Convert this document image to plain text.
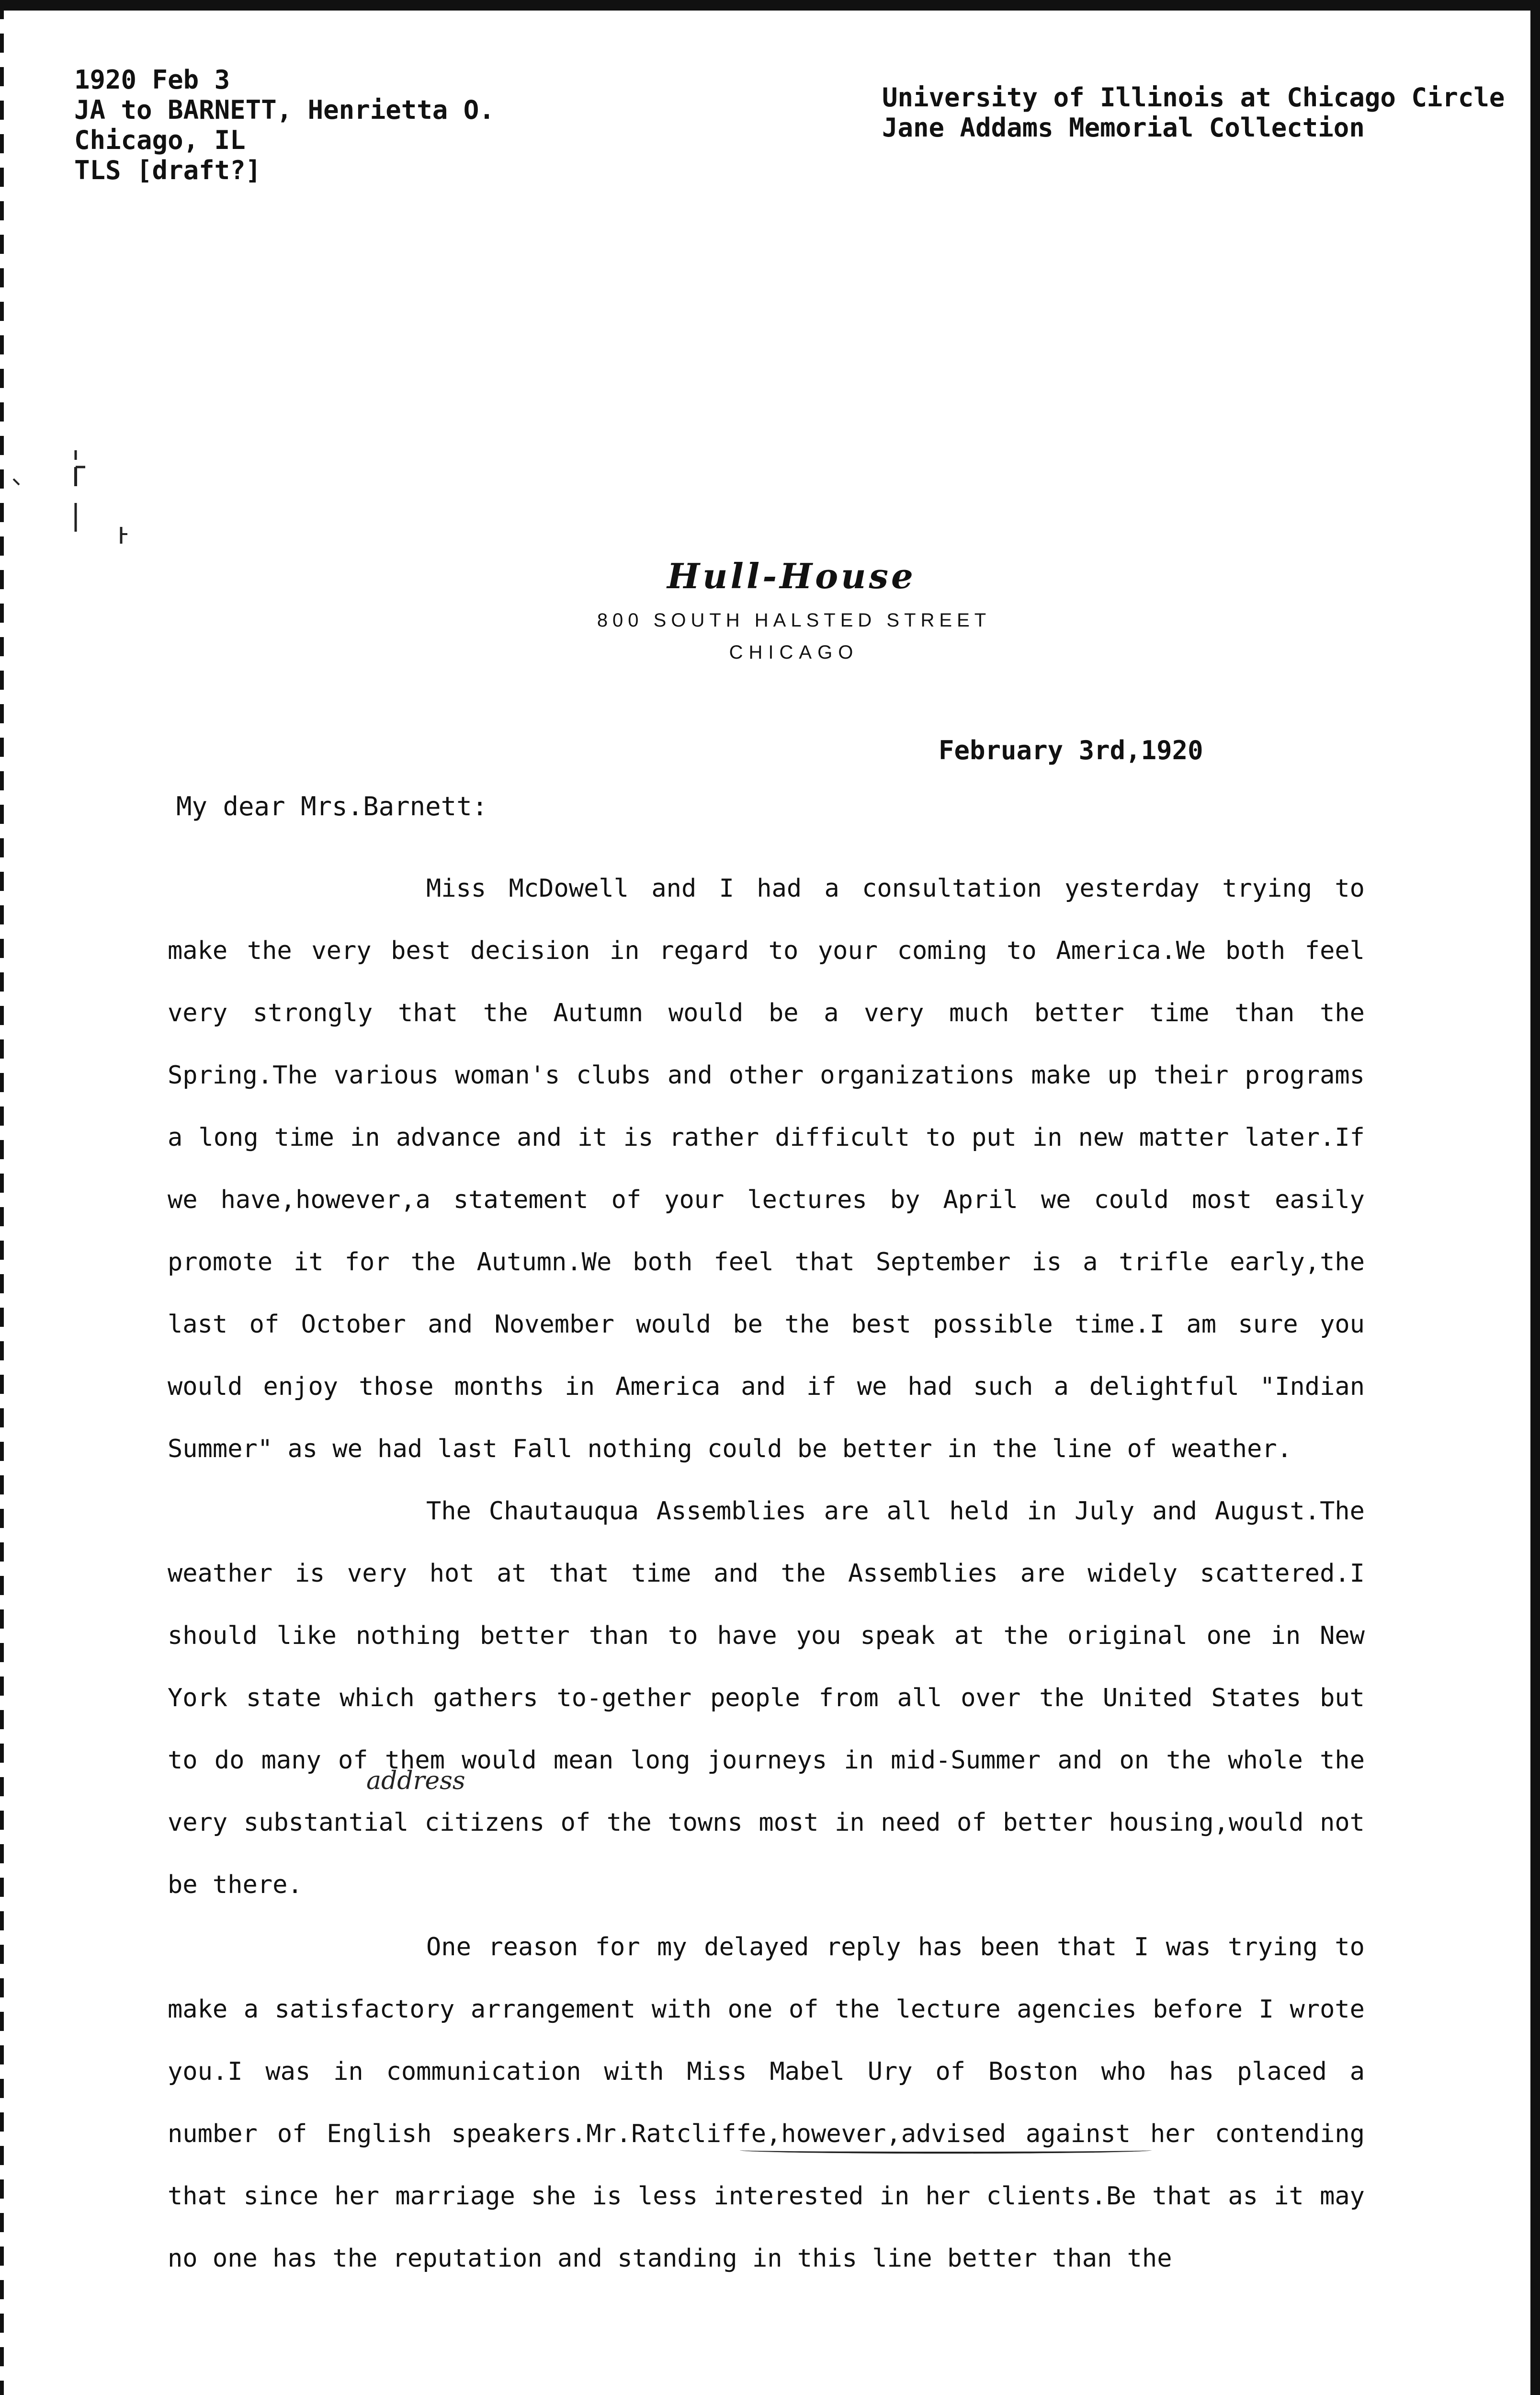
1920 Feb 3
JA to BARNETT, Henrietta O.
Chicago, IL
TLS [draft?]
University of Illinois at Chicago Circle
Jane Addams Memorial Collection
Hull-House
800 SOUTH HALSTED STREET
CHICAGO
February 3rd,1920
My dear Mrs.Barnett:

Miss McDowell and I had a consultation yesterday trying to make the very best decision in regard to your coming to America.We both feel very strongly that the Autumn would be a very much better time than the Spring.The various woman's clubs and other organizations make up their programs a long time in advance and it is rather difficult to put in new matter later.If we have,however,a statement of your lectures by April we could most easily promote it for the Autumn.We both feel that September is a trifle early,the last of October and November would be the best possible time.I am sure you would enjoy those months in America and if we had such a delightful "Indian Summer" as we had last Fall nothing could be better in the line of weather.

The Chautauqua Assemblies are all held in July and August.The weather is very hot at that time and the Assemblies are widely scattered.I should like nothing better than to have you speak at the original one in New York state which gathers to-gether people from all over the United States but to do many of them would mean long journeys in mid-Summer and on the whole the very substantial citizens of the towns most in need of better housing,would not be there.

One reason for my delayed reply has been that I was trying to make a satisfactory arrangement with one of the lecture agencies before I wrote you.I was in communication with Miss Mabel Ury of Boston who has placed a number of English speakers.Mr.Ratcliffe,however,advised against her contending that since her marriage she is less interested in her clients.Be that as it may no one has the reputation and standing in this line better than the

address
